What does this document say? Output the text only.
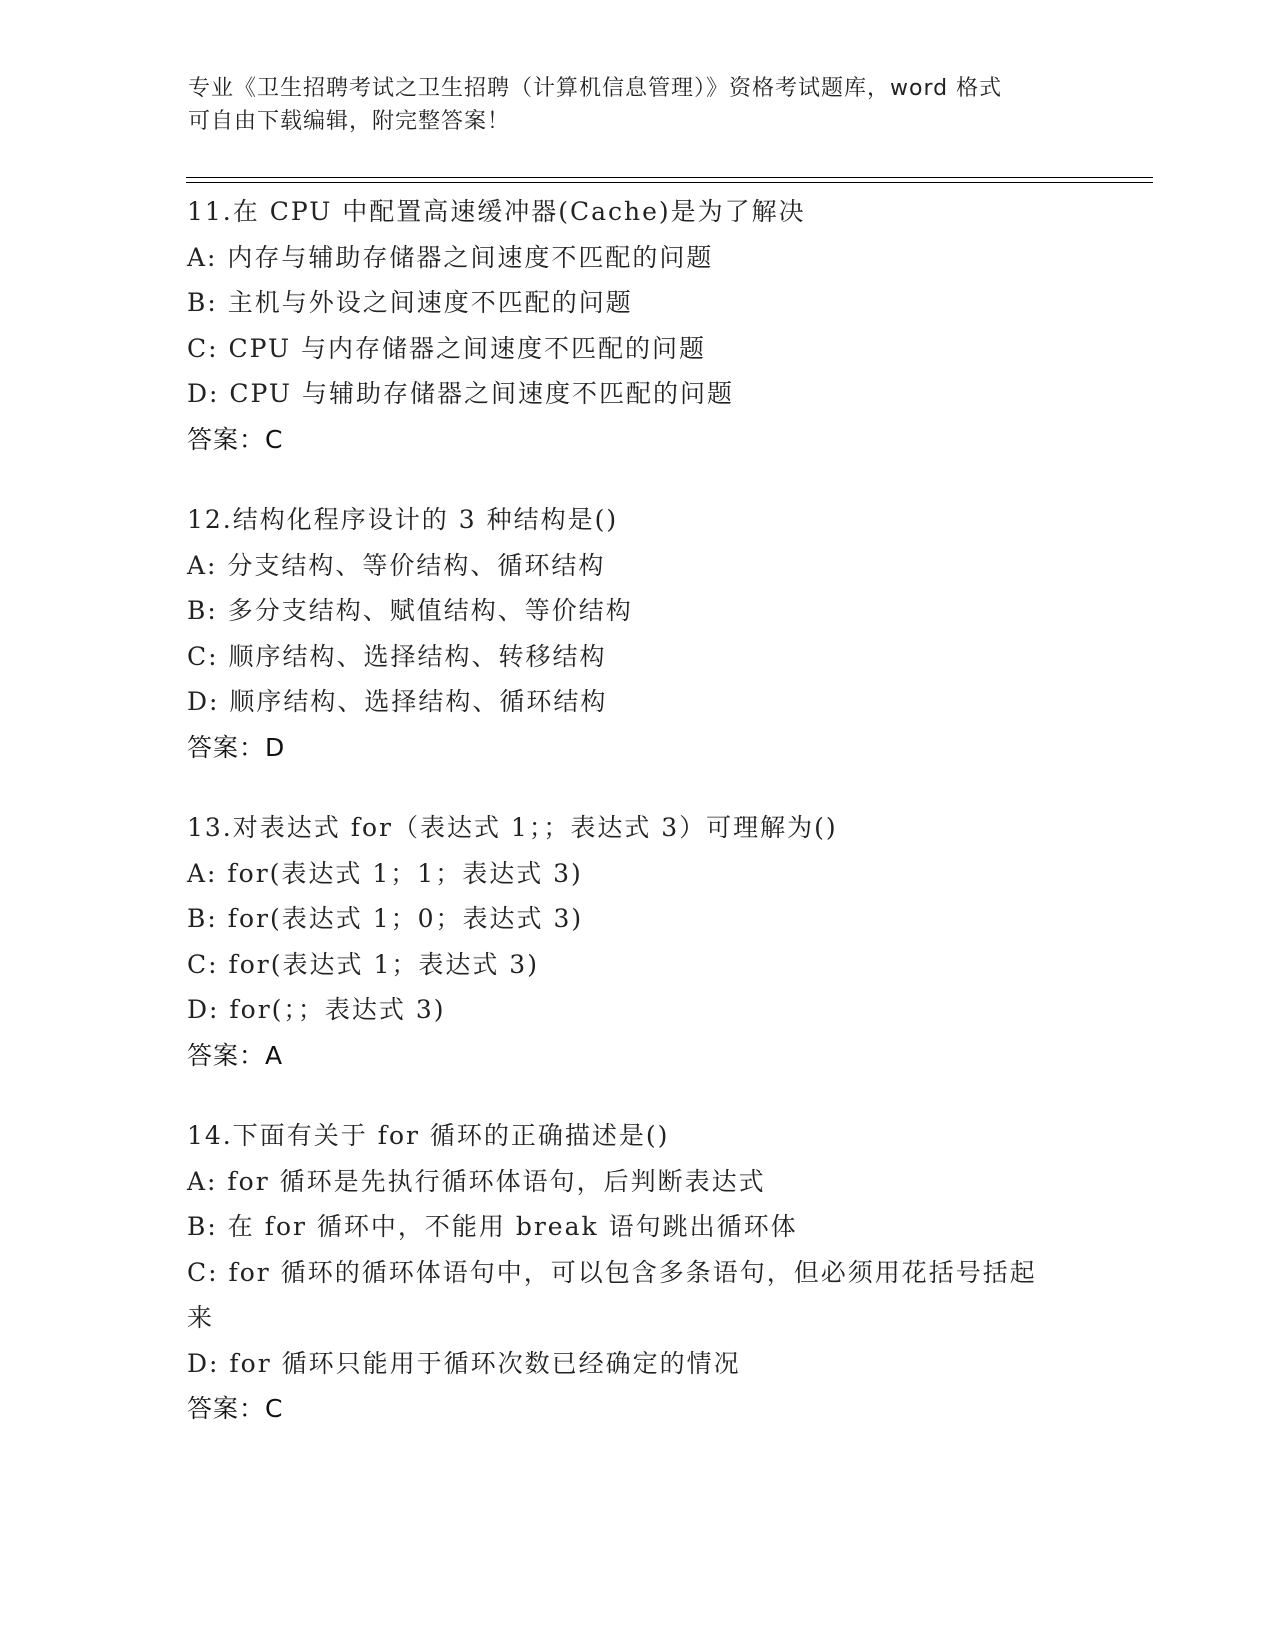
专业《卫生招聘考试之卫生招聘（计算机信息管理）》资格考试题库，word 格式
可自由下载编辑，附完整答案！
11.在 CPU 中配置高速缓冲器(Cache)是为了解决
A: 内存与辅助存储器之间速度不匹配的问题
B: 主机与外设之间速度不匹配的问题
C: CPU 与内存储器之间速度不匹配的问题
D: CPU 与辅助存储器之间速度不匹配的问题
答案：C
12.结构化程序设计的 3 种结构是()
A: 分支结构、等价结构、循环结构
B: 多分支结构、赋值结构、等价结构
C: 顺序结构、选择结构、转移结构
D: 顺序结构、选择结构、循环结构
答案：D
13.对表达式 for（表达式 1；；表达式 3）可理解为()
A: for(表达式 1；1；表达式 3)
B: for(表达式 1；0；表达式 3)
C: for(表达式 1；表达式 3)
D: for(；；表达式 3)
答案：A
14.下面有关于 for 循环的正确描述是()
A: for 循环是先执行循环体语句，后判断表达式
B: 在 for 循环中，不能用 break 语句跳出循环体
C: for 循环的循环体语句中，可以包含多条语句，但必须用花括号括起来
D: for 循环只能用于循环次数已经确定的情况
答案：C
